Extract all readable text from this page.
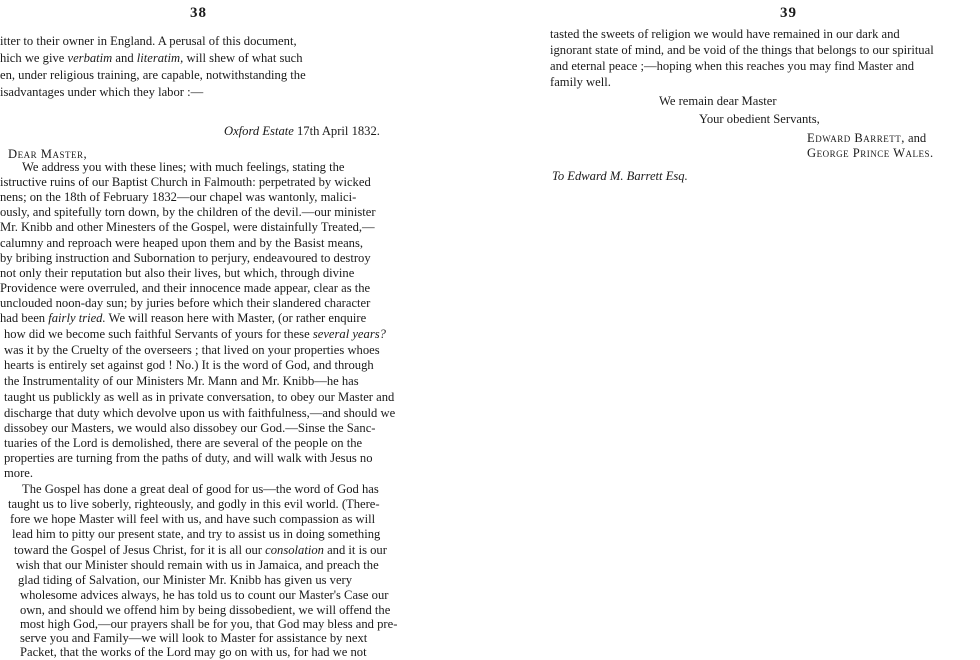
38
itter to their owner in England. A perusal of this document,
hich we give verbatim and literatim, will shew of what such
en, under religious training, are capable, notwithstanding the
isadvantages under which they labor :—
Oxford Estate 17th April 1832.
Dear Master,
We address you with these lines; with much feelings, stating the
istructive ruins of our Baptist Church in Falmouth: perpetrated by wicked
nens; on the 18th of February 1832—our chapel was wantonly, malici-
ously, and spitefully torn down, by the children of the devil.—our minister
Mr. Knibb and other Minesters of the Gospel, were distainfully Treated,—
calumny and reproach were heaped upon them and by the Basist means,
by bribing instruction and Subornation to perjury, endeavoured to destroy
not only their reputation but also their lives, but which, through divine
Providence were overruled, and their innocence made appear, clear as the
unclouded noon-day sun; by juries before which their slandered character
had been fairly tried. We will reason here with Master, (or rather enquire
how did we become such faithful Servants of yours for these several years?
was it by the Cruelty of the overseers ; that lived on your properties whoes
hearts is entirely set against god ! No.) It is the word of God, and through
the Instrumentality of our Ministers Mr. Mann and Mr. Knibb—he has
taught us publickly as well as in private conversation, to obey our Master and
discharge that duty which devolve upon us with faithfulness,—and should we
dissobey our Masters, we would also dissobey our God.—Sinse the Sanc-
tuaries of the Lord is demolished, there are several of the people on the
properties are turning from the paths of duty, and will walk with Jesus no
more.
The Gospel has done a great deal of good for us—the word of God has
taught us to live soberly, righteously, and godly in this evil world. (There-
fore we hope Master will feel with us, and have such compassion as will
lead him to pitty our present state, and try to assist us in doing something
toward the Gospel of Jesus Christ, for it is all our consolation and it is our
wish that our Minister should remain with us in Jamaica, and preach the
glad tiding of Salvation, our Minister Mr. Knibb has given us very
wholesome advices always, he has told us to count our Master's Case our
own, and should we offend him by being dissobedient, we will offend the
most high God,—our prayers shall be for you, that God may bless and pre-
serve you and Family—we will look to Master for assistance by next
Packet, that the works of the Lord may go on with us, for had we not
39
tasted the sweets of religion we would have remained in our dark and
ignorant state of mind, and be void of the things that belongs to our spiritual
and eternal peace ;—hoping when this reaches you may find Master and
family well.
We remain dear Master
Your obedient Servants,
Edward Barrett, and
George Prince Wales.
To Edward M. Barrett Esq.
